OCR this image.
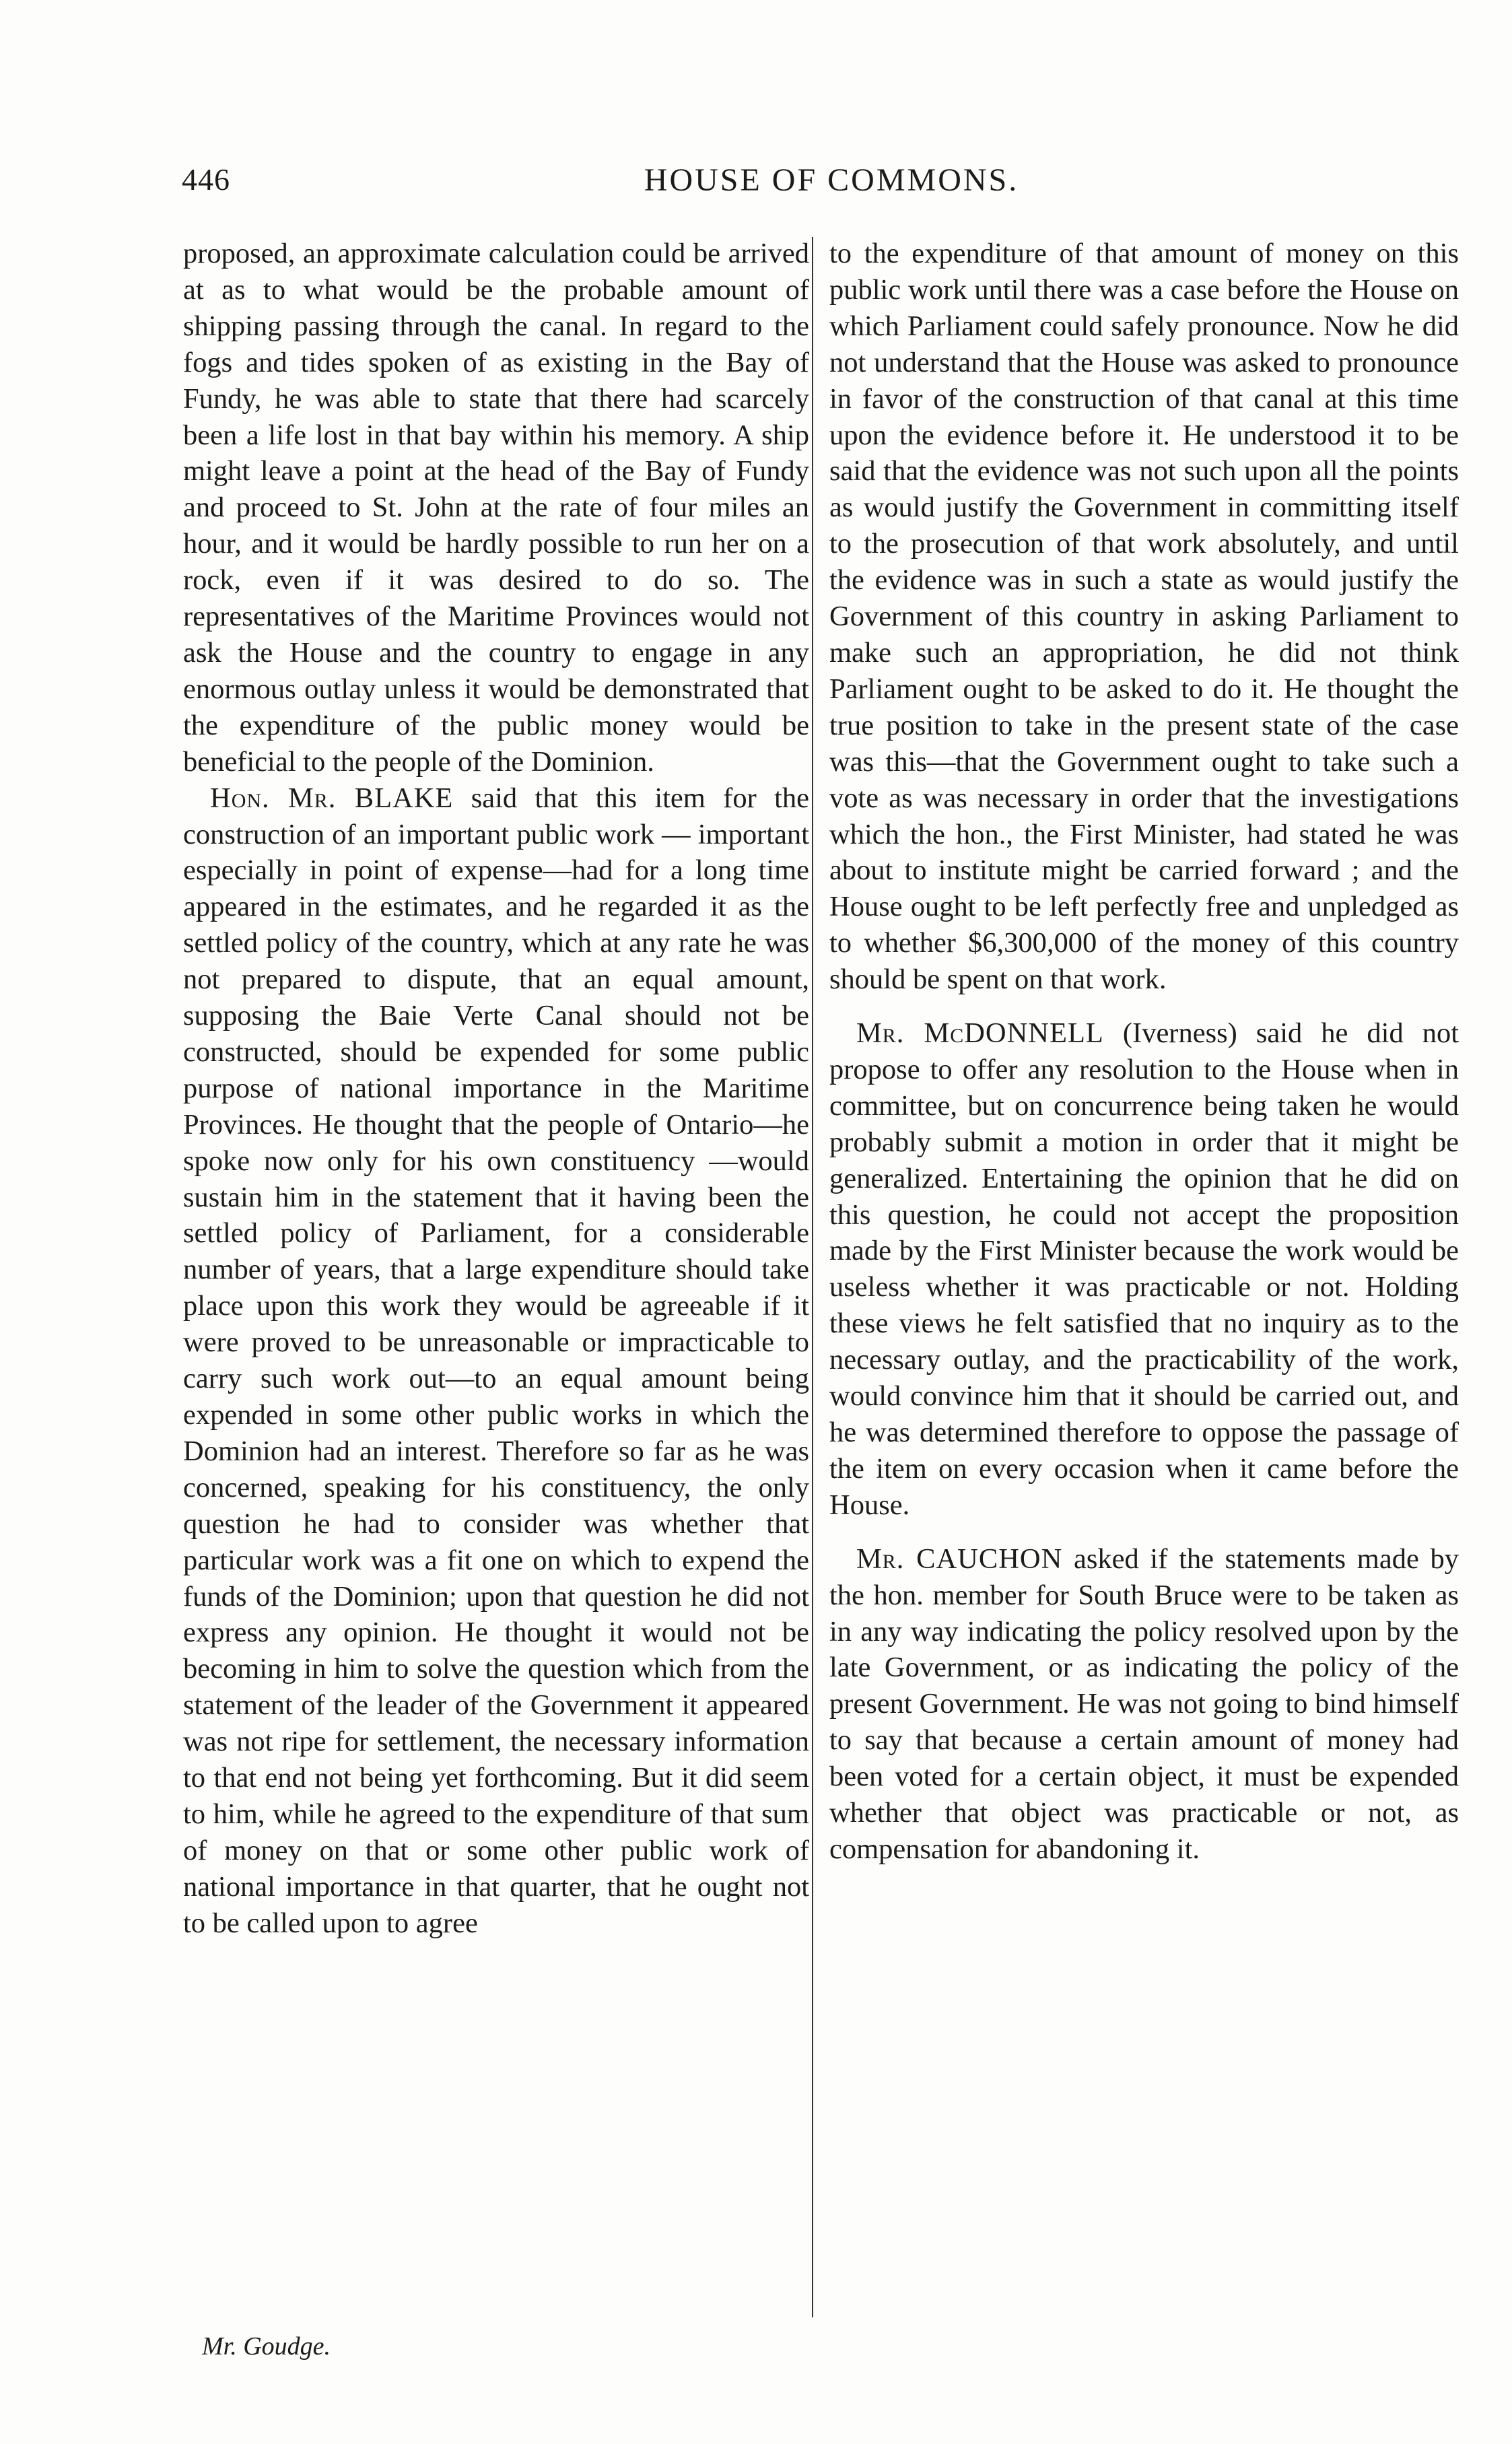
446	HOUSE OF COMMONS.

proposed, an approximate calculation could be arrived at as to what would be the probable amount of shipping passing through the canal. In regard to the fogs and tides spoken of as existing in the Bay of Fundy, he was able to state that there had scarcely been a life lost in that bay within his memory. A ship might leave a point at the head of the Bay of Fundy and proceed to St. John at the rate of four miles an hour, and it would be hardly possible to run her on a rock, even if it was desired to do so. The representatives of the Maritime Provinces would not ask the House and the country to engage in any enormous outlay unless it would be demonstrated that the expenditure of the public money would be beneficial to the people of the Dominion.

Hon. Mr. BLAKE said that this item for the construction of an important public work — important especially in point of expense—had for a long time appeared in the estimates, and he regarded it as the settled policy of the country, which at any rate he was not prepared to dispute, that an equal amount, supposing the Baie Verte Canal should not be constructed, should be expended for some public purpose of national importance in the Maritime Provinces. He thought that the people of Ontario—he spoke now only for his own constituency —would sustain him in the statement that it having been the settled policy of Parliament, for a considerable number of years, that a large expenditure should take place upon this work they would be agreeable if it were proved to be unreasonable or impracticable to carry such work out—to an equal amount being expended in some other public works in which the Dominion had an interest. Therefore so far as he was concerned, speaking for his constituency, the only question he had to consider was whether that particular work was a fit one on which to expend the funds of the Dominion; upon that question he did not express any opinion. He thought it would not be becoming in him to solve the question which from the statement of the leader of the Government it appeared was not ripe for settlement, the necessary information to that end not being yet forthcoming. But it did seem to him, while he agreed to the expenditure of that sum of money on that or some other public work of national importance in that quarter, that he ought not to be called upon to agree

to the expenditure of that amount of money on this public work until there was a case before the House on which Parliament could safely pronounce. Now he did not understand that the House was asked to pronounce in favor of the construction of that canal at this time upon the evidence before it. He understood it to be said that the evidence was not such upon all the points as would justify the Government in committing itself to the prosecution of that work absolutely, and until the evidence was in such a state as would justify the Government of this country in asking Parliament to make such an appropriation, he did not think Parliament ought to be asked to do it. He thought the true position to take in the present state of the case was this—that the Government ought to take such a vote as was necessary in order that the investigations which the hon., the First Minister, had stated he was about to institute might be carried forward ; and the House ought to be left perfectly free and unpledged as to whether $6,300,000 of the money of this country should be spent on that work.

Mr. McDONNELL (Iverness) said he did not propose to offer any resolution to the House when in committee, but on concurrence being taken he would probably submit a motion in order that it might be generalized. Entertaining the opinion that he did on this question, he could not accept the proposition made by the First Minister because the work would be useless whether it was practicable or not. Holding these views he felt satisfied that no inquiry as to the necessary outlay, and the practicability of the work, would convince him that it should be carried out, and he was determined therefore to oppose the passage of the item on every occasion when it came before the House.

Mr. CAUCHON asked if the statements made by the hon. member for South Bruce were to be taken as in any way indicating the policy resolved upon by the late Government, or as indicating the policy of the present Government. He was not going to bind himself to say that because a certain amount of money had been voted for a certain object, it must be expended whether that object was practicable or not, as compensation for abandoning it.

Mr. Goudge.
